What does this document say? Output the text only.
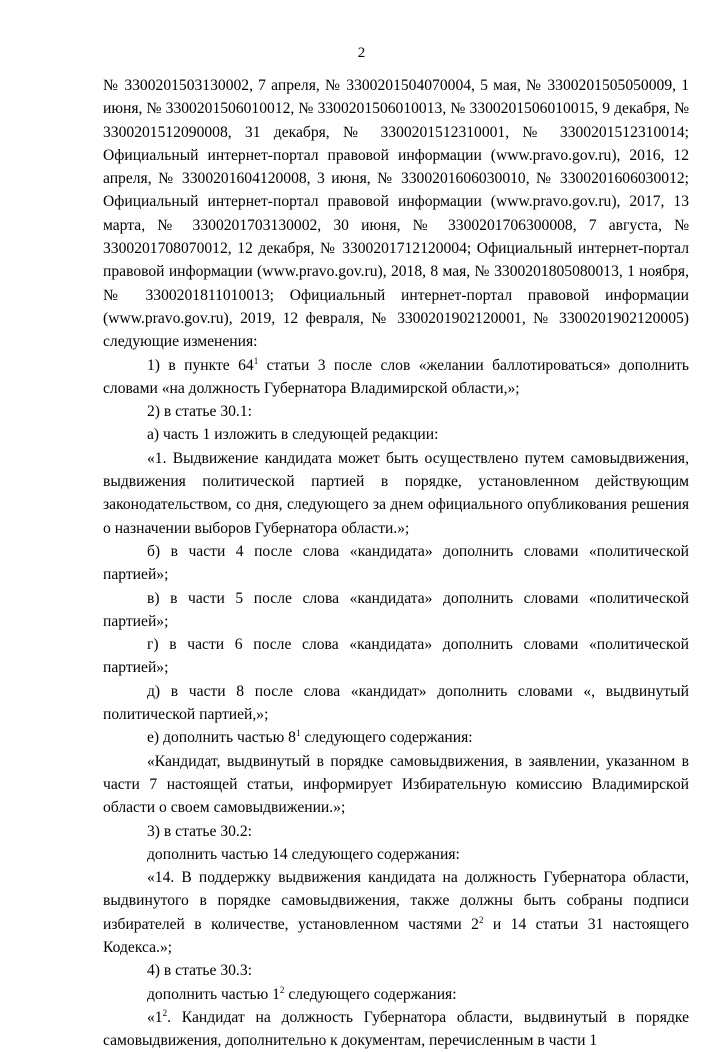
2

№ 3300201503130002, 7 апреля, № 3300201504070004, 5 мая, № 3300201505050009, 1 июня, № 3300201506010012, № 3300201506010013, № 3300201506010015, 9 декабря, № 3300201512090008, 31 декабря, № 3300201512310001, № 3300201512310014; Официальный интернет-портал правовой информации (www.pravo.gov.ru), 2016, 12 апреля, № 3300201604120008, 3 июня, № 3300201606030010, № 3300201606030012; Официальный интернет-портал правовой информации (www.pravo.gov.ru), 2017, 13 марта, № 3300201703130002, 30 июня, № 3300201706300008, 7 августа, № 3300201708070012, 12 декабря, № 3300201712120004; Официальный интернет-портал правовой информации (www.pravo.gov.ru), 2018, 8 мая, № 3300201805080013, 1 ноября, № 3300201811010013; Официальный интернет-портал правовой информации (www.pravo.gov.ru), 2019, 12 февраля, № 3300201902120001, № 3300201902120005) следующие изменения:

1) в пункте $64^1$ статьи 3 после слов «желании баллотироваться» дополнить словами «на должность Губернатора Владимирской области,»;

2) в статье 30.1:

а) часть 1 изложить в следующей редакции:

«1. Выдвижение кандидата может быть осуществлено путем самовыдвижения, выдвижения политической партией в порядке, установленном действующим законодательством, со дня, следующего за днем официального опубликования решения о назначении выборов Губернатора области.»;

б) в части 4 после слова «кандидата» дополнить словами «политической партией»;

в) в части 5 после слова «кандидата» дополнить словами «политической партией»;

г) в части 6 после слова «кандидата» дополнить словами «политической партией»;

д) в части 8 после слова «кандидат» дополнить словами «, выдвинутый политической партией,»;

е) дополнить частью $8^1$ следующего содержания:

«Кандидат, выдвинутый в порядке самовыдвижения, в заявлении, указанном в части 7 настоящей статьи, информирует Избирательную комиссию Владимирской области о своем самовыдвижении.»;

3) в статье 30.2:

дополнить частью 14 следующего содержания:

«14. В поддержку выдвижения кандидата на должность Губернатора области, выдвинутого в порядке самовыдвижения, также должны быть собраны подписи избирателей в количестве, установленном частями $2^2$ и 14 статьи 31 настоящего Кодекса.»;

4) в статье 30.3:

дополнить частью $1^2$ следующего содержания:

«$1^2$. Кандидат на должность Губернатора области, выдвинутый в порядке самовыдвижения, дополнительно к документам, перечисленным в части 1
